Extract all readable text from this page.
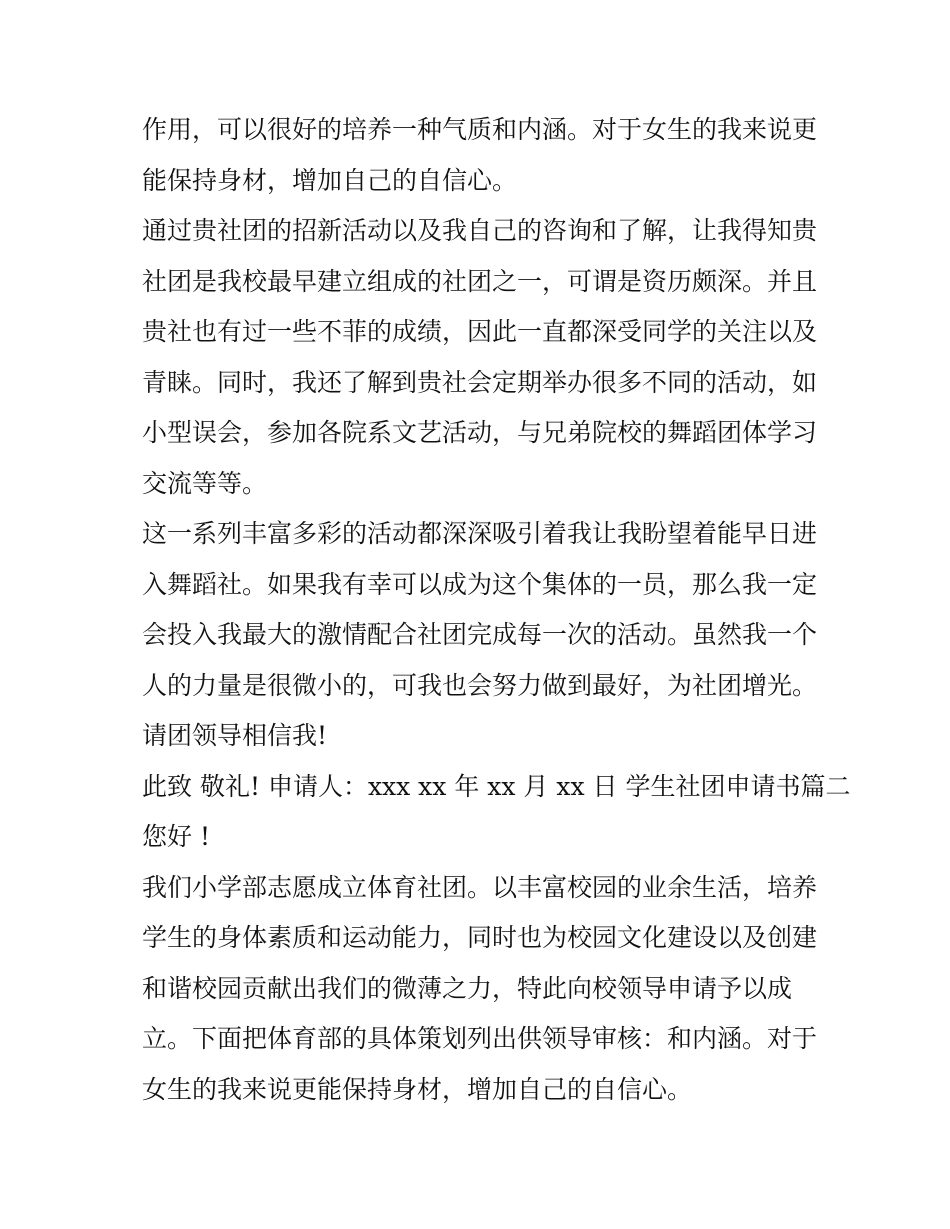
作用，可以很好的培养一种气质和内涵。对于女生的我来说更
能保持身材，增加自己的自信心。
通过贵社团的招新活动以及我自己的咨询和了解，让我得知贵
社团是我校最早建立组成的社团之一，可谓是资历颇深。并且
贵社也有过一些不菲的成绩，因此一直都深受同学的关注以及
青睐。同时，我还了解到贵社会定期举办很多不同的活动，如
小型误会，参加各院系文艺活动，与兄弟院校的舞蹈团体学习
交流等等。
这一系列丰富多彩的活动都深深吸引着我让我盼望着能早日进
入舞蹈社。如果我有幸可以成为这个集体的一员，那么我一定
会投入我最大的激情配合社团完成每一次的活动。虽然我一个
人的力量是很微小的，可我也会努力做到最好，为社团增光。
请团领导相信我!
此致 敬礼! 申请人：xxx xx 年 xx 月 xx 日 学生社团申请书篇二
您好 !
我们小学部志愿成立体育社团。以丰富校园的业余生活，培养
学生的身体素质和运动能力，同时也为校园文化建设以及创建
和谐校园贡献出我们的微薄之力，特此向校领导申请予以成
立。下面把体育部的具体策划列出供领导审核：和内涵。对于
女生的我来说更能保持身材，增加自己的自信心。
